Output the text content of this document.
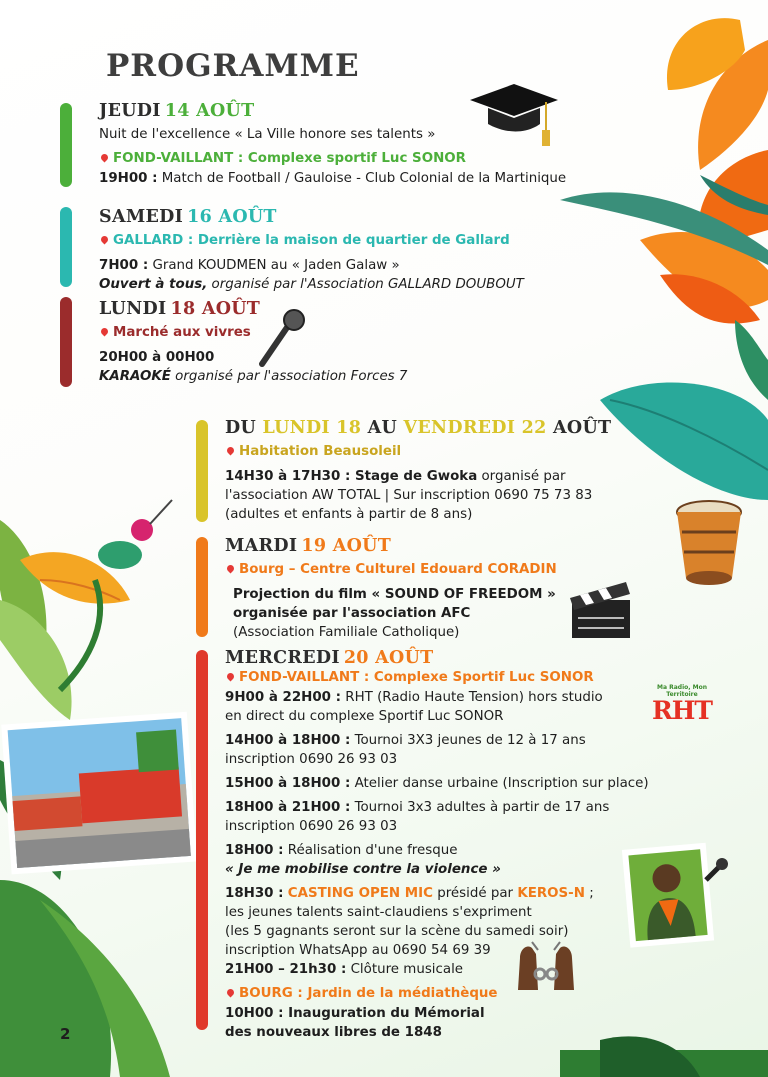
Ma Radio, Mon Territoire
RHT
PROGRAMME

JEUDI 14 AOÛT

Nuit de l'excellence « La Ville honore ses talents »

FOND-VAILLANT : Complexe sportif Luc SONOR

19H00 : Match de Football / Gauloise - Club Colonial de la Martinique

SAMEDI 16 AOÛT

GALLARD : Derrière la maison de quartier de Gallard

7H00 : Grand KOUDMEN au « Jaden Galaw »

Ouvert à tous, organisé par l'Association GALLARD DOUBOUT

LUNDI 18 AOÛT

Marché aux vivres

20H00 à 00H00

KARAOKÉ organisé par l'association Forces 7

DU LUNDI 18 AU VENDREDI 22 AOÛT

Habitation Beausoleil

14H30 à 17H30 : Stage de Gwoka organisé par

l'association AW TOTAL | Sur inscription 0690 75 73 83

(adultes et enfants à partir de 8 ans)

MARDI 19 AOÛT

Bourg – Centre Culturel Edouard CORADIN

Projection du film « SOUND OF FREEDOM »

organisée par l'association AFC

(Association Familiale Catholique)

MERCREDI 20 AOÛT

FOND-VAILLANT : Complexe Sportif Luc SONOR

9H00 à 22H00 : RHT (Radio Haute Tension) hors studio

en direct du complexe Sportif Luc SONOR

14H00 à 18H00 : Tournoi 3X3 jeunes de 12 à 17 ans

inscription 0690 26 93 03

15H00 à 18H00 : Atelier danse urbaine (Inscription sur place)

18H00 à 21H00 : Tournoi 3x3 adultes à partir de 17 ans

inscription 0690 26 93 03

18H00 : Réalisation d'une fresque

« Je me mobilise contre la violence »

18H30 : CASTING OPEN MIC présidé par KEROS-N ;

les jeunes talents saint-claudiens s'expriment

(les 5 gagnants seront sur la scène du samedi soir)

inscription WhatsApp au 0690 54 69 39

21H00 – 21h30 : Clôture musicale

BOURG : Jardin de la médiathèque

10H00 : Inauguration du Mémorial

des nouveaux libres de 1848

2
